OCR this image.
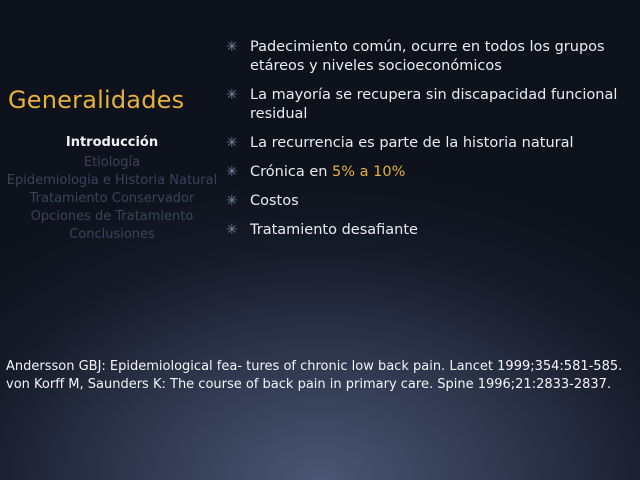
Generalidades
Introducción
Etiología
Epidemiología e Historia Natural
Tratamiento Conservador
Opciones de Tratamiento
Conclusiones
✳ Padecimiento común, ocurre en todos los grupos etáreos y niveles socioeconómicos
✳ La mayoría se recupera sin discapacidad funcional residual
✳ La recurrencia es parte de la historia natural
✳ Crónica en 5% a 10%
✳ Costos
✳ Tratamiento desafiante
Andersson GBJ: Epidemiological fea- tures of chronic low back pain. Lancet 1999;354:581-585.
von Korff M, Saunders K: The course of back pain in primary care. Spine 1996;21:2833-2837.
